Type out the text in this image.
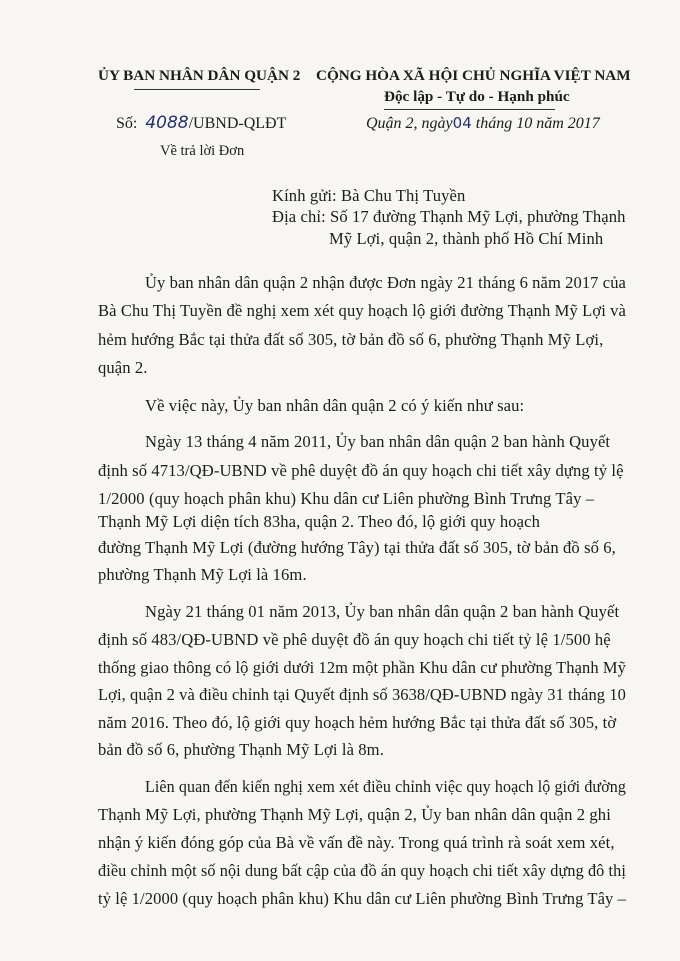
ỦY BAN NHÂN DÂN QUẬN 2 CỘNG HÒA XÃ HỘI CHỦ NGHĨA VIỆT NAM
Độc lập - Tự do - Hạnh phúc
Số: 4088/UBND-QLĐT	Quận 2, ngày04 tháng 10 năm 2017
Về trả lời Đơn
Kính gửi: Bà Chu Thị Tuyền
Địa chỉ: Số 17 đường Thạnh Mỹ Lợi, phường Thạnh
Mỹ Lợi, quận 2, thành phố Hồ Chí Minh
Ủy ban nhân dân quận 2 nhận được Đơn ngày 21 tháng 6 năm 2017 của
Bà Chu Thị Tuyền đề nghị xem xét quy hoạch lộ giới đường Thạnh Mỹ Lợi và
hẻm hướng Bắc tại thửa đất số 305, tờ bản đồ số 6, phường Thạnh Mỹ Lợi,
quận 2.
Về việc này, Ủy ban nhân dân quận 2 có ý kiến như sau:
Ngày 13 tháng 4 năm 2011, Ủy ban nhân dân quận 2 ban hành Quyết
định số 4713/QĐ-UBND về phê duyệt đồ án quy hoạch chi tiết xây dựng tỷ lệ
1/2000 (quy hoạch phân khu) Khu dân cư Liên phường Bình Trưng Tây –
Thạnh Mỹ Lợi diện tích 83ha, quận 2. Theo đó, lộ giới quy hoạch
đường Thạnh Mỹ Lợi (đường hướng Tây) tại thửa đất số 305, tờ bản đồ số 6,
phường Thạnh Mỹ Lợi là 16m.
Ngày 21 tháng 01 năm 2013, Ủy ban nhân dân quận 2 ban hành Quyết
định số 483/QĐ-UBND về phê duyệt đồ án quy hoạch chi tiết tỷ lệ 1/500 hệ
thống giao thông có lộ giới dưới 12m một phần Khu dân cư phường Thạnh Mỹ
Lợi, quận 2 và điều chỉnh tại Quyết định số 3638/QĐ-UBND ngày 31 tháng 10
năm 2016. Theo đó, lộ giới quy hoạch hẻm hướng Bắc tại thửa đất số 305, tờ
bản đồ số 6, phường Thạnh Mỹ Lợi là 8m.
Liên quan đến kiến nghị xem xét điều chỉnh việc quy hoạch lộ giới đường
Thạnh Mỹ Lợi, phường Thạnh Mỹ Lợi, quận 2, Ủy ban nhân dân quận 2 ghi
nhận ý kiến đóng góp của Bà về vấn đề này. Trong quá trình rà soát xem xét,
điều chỉnh một số nội dung bất cập của đồ án quy hoạch chi tiết xây dựng đô thị
tỷ lệ 1/2000 (quy hoạch phân khu) Khu dân cư Liên phường Bình Trưng Tây –
